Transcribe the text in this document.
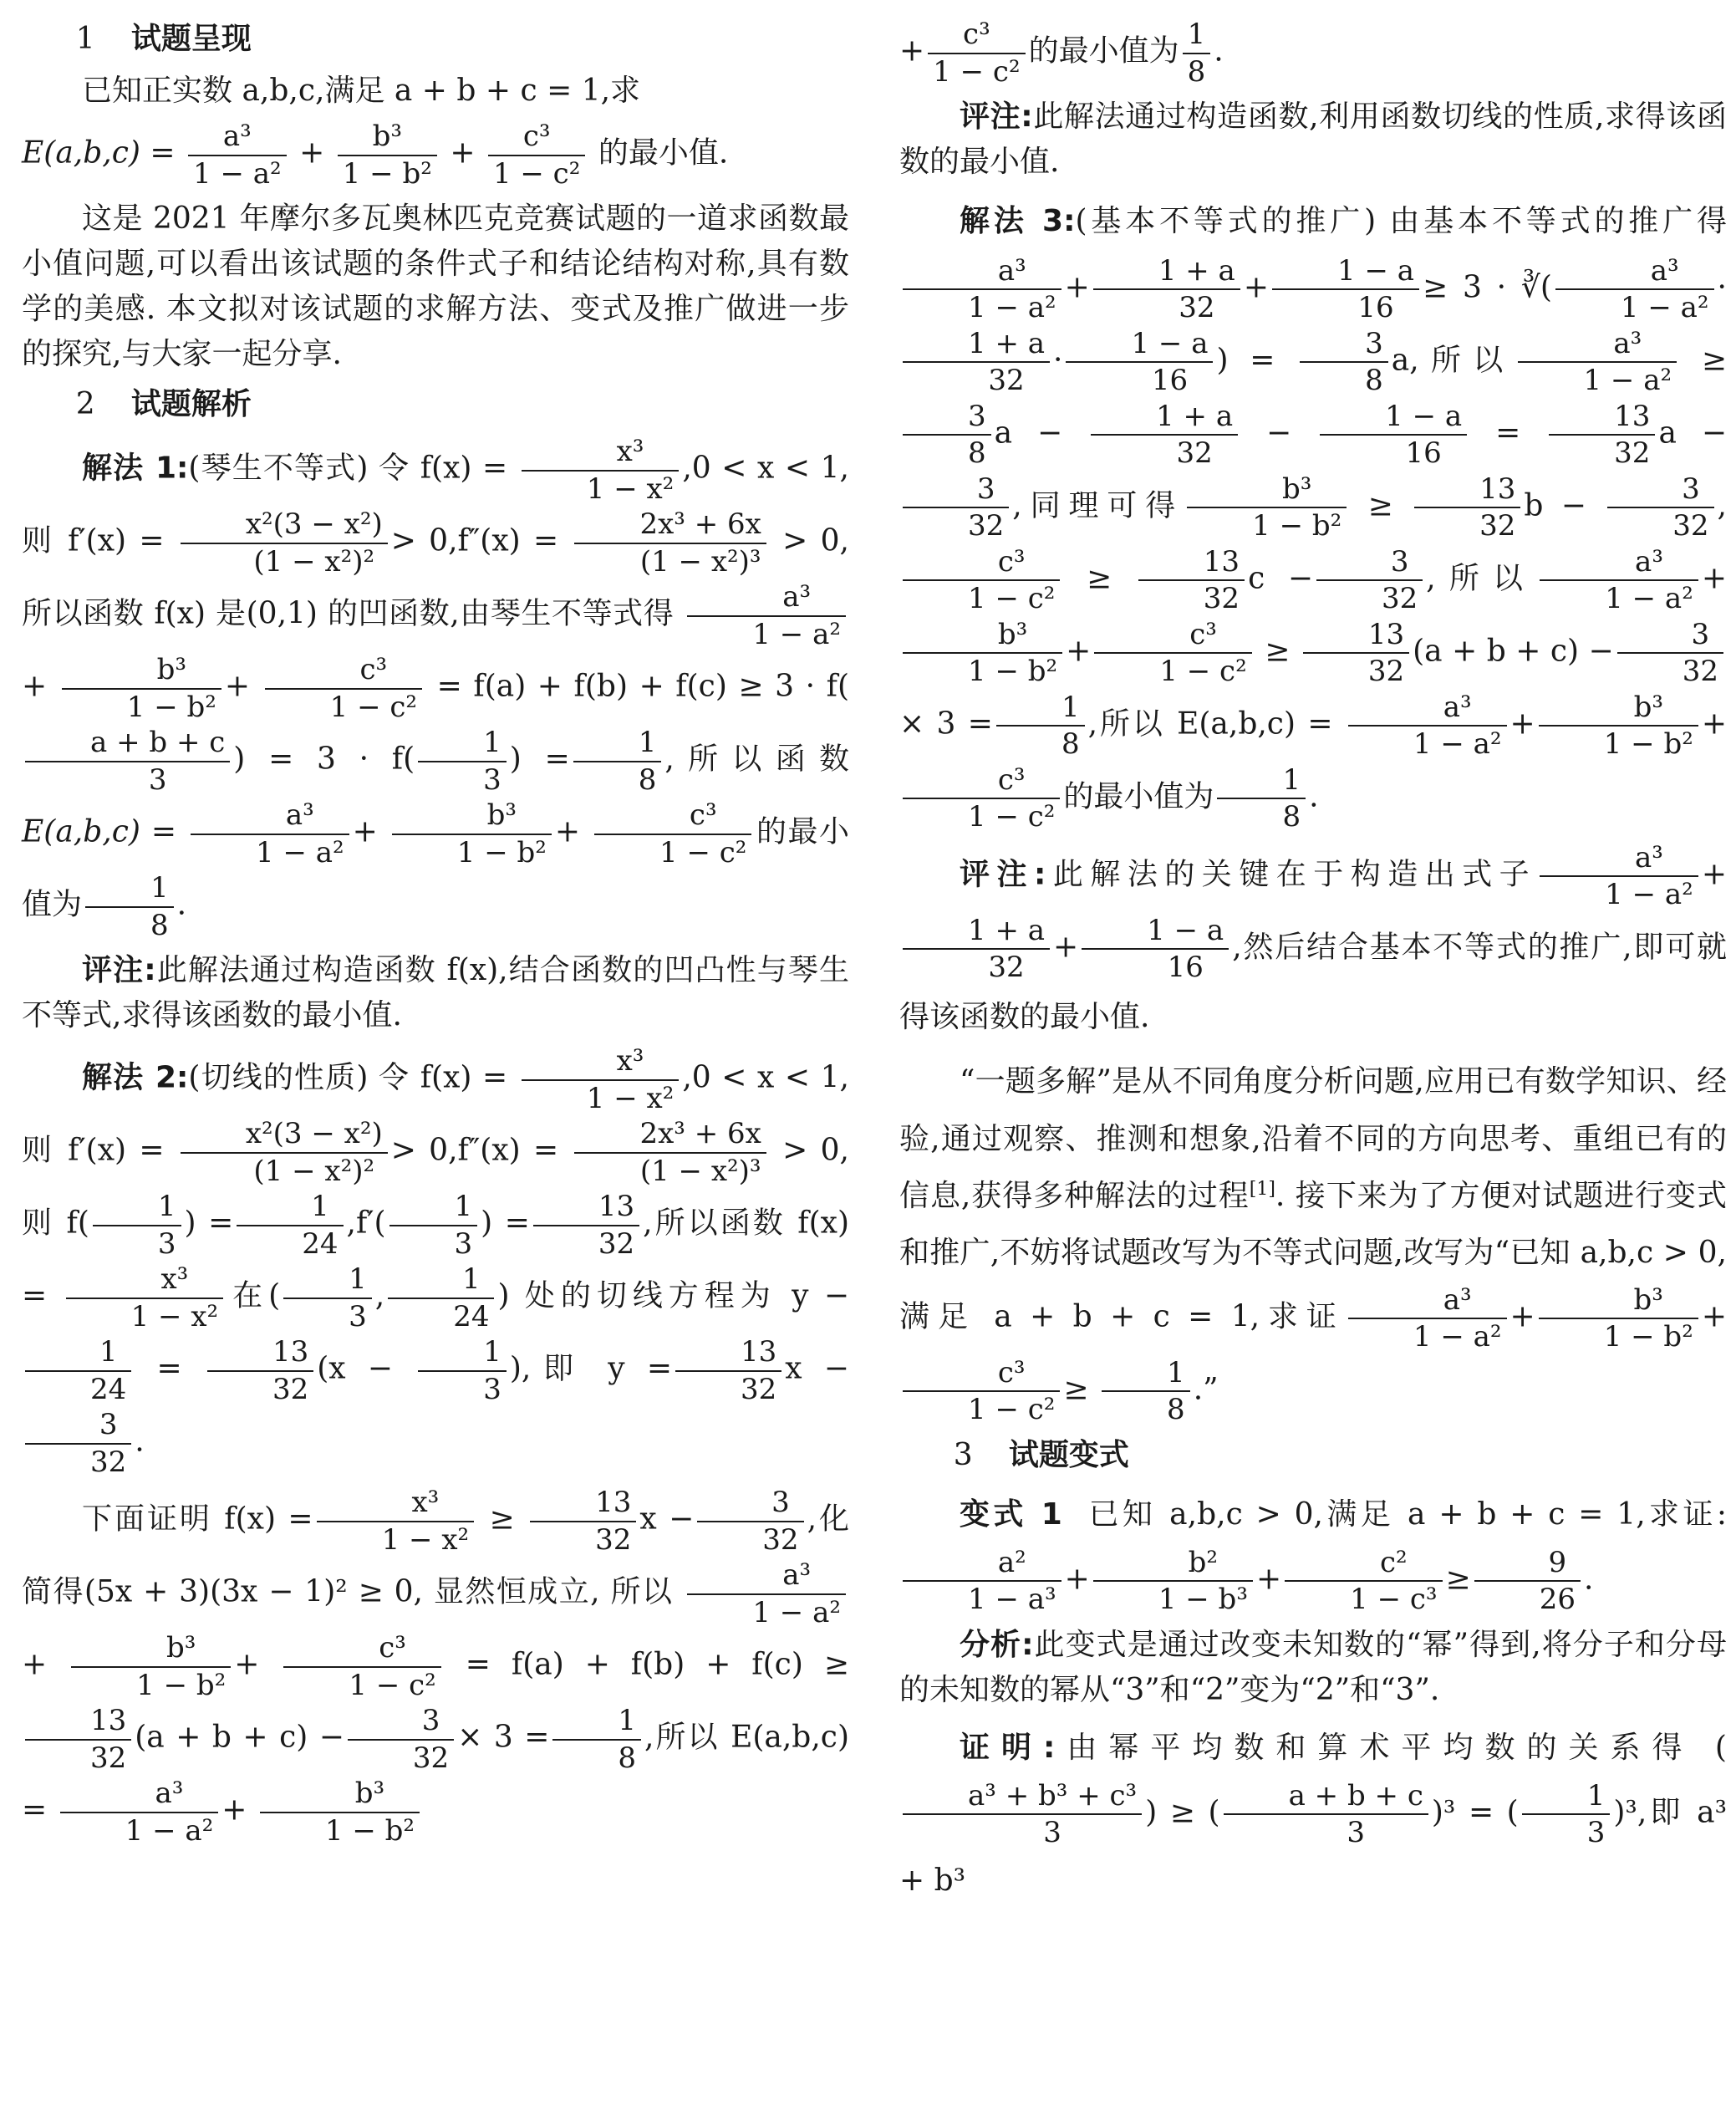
1 试题呈现

已知正实数 a,b,c,满足 a + b + c = 1,求

$E(a,b,c) = \frac{\text{a³}}{\text{1 − a²}} + \frac{\text{b³}}{\text{1 − b²}} + \frac{\text{c³}}{\text{1 − c²}}$ 的最小值.

这是 2021 年摩尔多瓦奥林匹克竞赛试题的一道求函数最小值问题,可以看出该试题的条件式子和结论结构对称,具有数学的美感. 本文拟对该试题的求解方法、变式及推广做进一步的探究,与大家一起分享.

2 试题解析
解法 1:(琴生不等式) 令 $f(x) = \frac{\text{x³}}{\text{1 − x²}} ,0 < x < 1$,则 $f'(x) = \frac{\text{x²(3 − x²)}}{\text{(1 − x²)²}} > 0,f''(x) = \frac{\text{2x³ + 6x}}{\text{(1 − x²)³}} > 0$,所以函数 f(x) 是(0,1) 的凹函数,由琴生不等式得 $\frac{\text{a³}}{\text{1 − a²}}$
+ $\frac{\text{b³}}{\text{1 − b²}} + \frac{\text{c³}}{\text{1 − c²}} = f(a) + f(b) + f(c) \ge 3 \cdot f$(
$\frac{a + b + c}{3}$ ) = $3 \cdot f( \frac{1}{3}$ ) = $\frac{1}{8}$ ,所以函数 $E(a,b,c) = \frac{\text{a³}}{\text{1 − a²}} + \frac{\text{b³}}{\text{1 − b²}} + \frac{\text{c³}}{\text{1 − c²}}$ 的最小值为 $\frac{1}{8}$ .

评注:此解法通过构造函数 f(x),结合函数的凹凸性与琴生不等式,求得该函数的最小值.

解法 2:(切线的性质) 令 $f(x) = \frac{\text{x³}}{\text{1 − x²}} ,0 < x < 1$,则 $f'(x) = \frac{\text{x²(3 − x²)}}{\text{(1 − x²)²}} > 0,f''(x) = \frac{\text{2x³ + 6x}}{\text{(1 − x²)³}} > 0$,则 $f( \frac{1}{3}$ ) = $\frac{1}{24} ,f'( \frac{1}{3}$ ) = $\frac{13}{32}$ ,所以函数 $f(x) = \frac{\text{x³}}{\text{1 − x²}}$ 在( $\frac{1}{3}$ , $\frac{1}{24}$ ) 处的切线方程为 y −
$\frac{1}{24} = \frac{13}{32} (x - \frac{1}{3}$ ),即 $y = \frac{13}{32}$ x −
$\frac{3}{32}$ .
下面证明 $f(x) = \frac{\text{x³}}{\text{1 − x²}} \ge \frac{13}{32}$ $x - \frac{3}{32}$ ,化简得(5x + 3)(3x − 1)² ≥ 0, 显然恒成立, 所以 $\frac{\text{a³}}{\text{1 − a²}}$
+ $\frac{\text{b³}}{\text{1 − b²}} + \frac{\text{c³}}{\text{1 − c²}} = f(a) + f(b) + f(c)$ ≥
$\frac{13}{32} (a + b + c) - \frac{3}{32} \times 3 = \frac{1}{8}$ ,所以 $E(a,b,c) = \frac{\text{a³}}{\text{1 − a²}} + \frac{\text{b³}}{\text{1 − b²}}$
+ $\frac{\text{c³}}{\text{1 − c²}}$ 的最小值为 $\frac{1}{8}$ .

评注:此解法通过构造函数,利用函数切线的性质,求得该函数的最小值.

解法 3:(基本不等式的推广) 由基本不等式的推广得
$\frac{\text{a³}}{\text{1 − a²}} + \frac{1 + a}{32} + \frac{1 - a}{16} \ge 3$ · ∛( $\frac{\text{a³}}{\text{1 − a²}}$ ·
$\frac{1 + a}{32} \cdot \frac{1 - a}{16}$ ) = $\frac{3}{8} a$,所以 $\frac{\text{a³}}{\text{1 − a²}}$ ≥
$\frac{3}{8}$ $a - \frac{1 + a}{32} - \frac{1 - a}{16} = \frac{13}{32}$ a −
$\frac{3}{32}$ ,同理可得 $\frac{\text{b³}}{\text{1 − b²}} \ge \frac{13}{32}$ $b - \frac{3}{32}$ ,
$\frac{\text{c³}}{\text{1 − c²}} \ge \frac{13}{32}$ $c - \frac{3}{32}$ ,所以 $\frac{\text{a³}}{\text{1 − a²}}$ +
$\frac{\text{b³}}{\text{1 − b²}} + \frac{\text{c³}}{\text{1 − c²}} \ge \frac{13}{32} (a + b + c) - \frac{3}{32}$
× $3 = \frac{1}{8}$ ,所以 $E(a,b,c) = \frac{\text{a³}}{\text{1 − a²}} + \frac{\text{b³}}{\text{1 − b²}}$ +
$\frac{\text{c³}}{\text{1 − c²}}$ 的最小值为 $\frac{1}{8}$ .
评注:此解法的关键在于构造出式子 $\frac{\text{a³}}{\text{1 − a²}}$ +
$\frac{1 + a}{32} + \frac{1 - a}{16}$ ,然后结合基本不等式的推广,即可就得该函数的最小值.
“一题多解”是从不同角度分析问题,应用已有数学知识、经验,通过观察、推测和想象,沿着不同的方向思考、重组已有的信息,获得多种解法的过程[1]. 接下来为了方便对试题进行变式和推广,不妨将试题改写为不等式问题,改写为“已知 a,b,c > 0,满足 a + b + c = 1,求证 $\frac{\text{a³}}{\text{1 − a²}} + \frac{\text{b³}}{\text{1 − b²}}$ +
$\frac{\text{c³}}{\text{1 − c²}} \ge \frac{1}{8}$ .”
3 试题变式
变式 1 已知 a,b,c > 0,满足 a + b + c = 1,求证:
$\frac{\text{a²}}{\text{1 − a³}} + \frac{\text{b²}}{\text{1 − b³}} + \frac{\text{c²}}{\text{1 − c³}} \ge \frac{9}{26}$ .

分析:此变式是通过改变未知数的“幂”得到,将分子和分母的未知数的幂从“3”和“2”变为“2”和“3”.

证明:由幂平均数和算术平均数的关系得 (
$\frac{\text{a³ + b³ + c³}}{3}$ ) ≥ ( $\frac{a + b + c}{3} )^3$ = ( $\frac{1}{3} )^3$,即 a³ + b³
